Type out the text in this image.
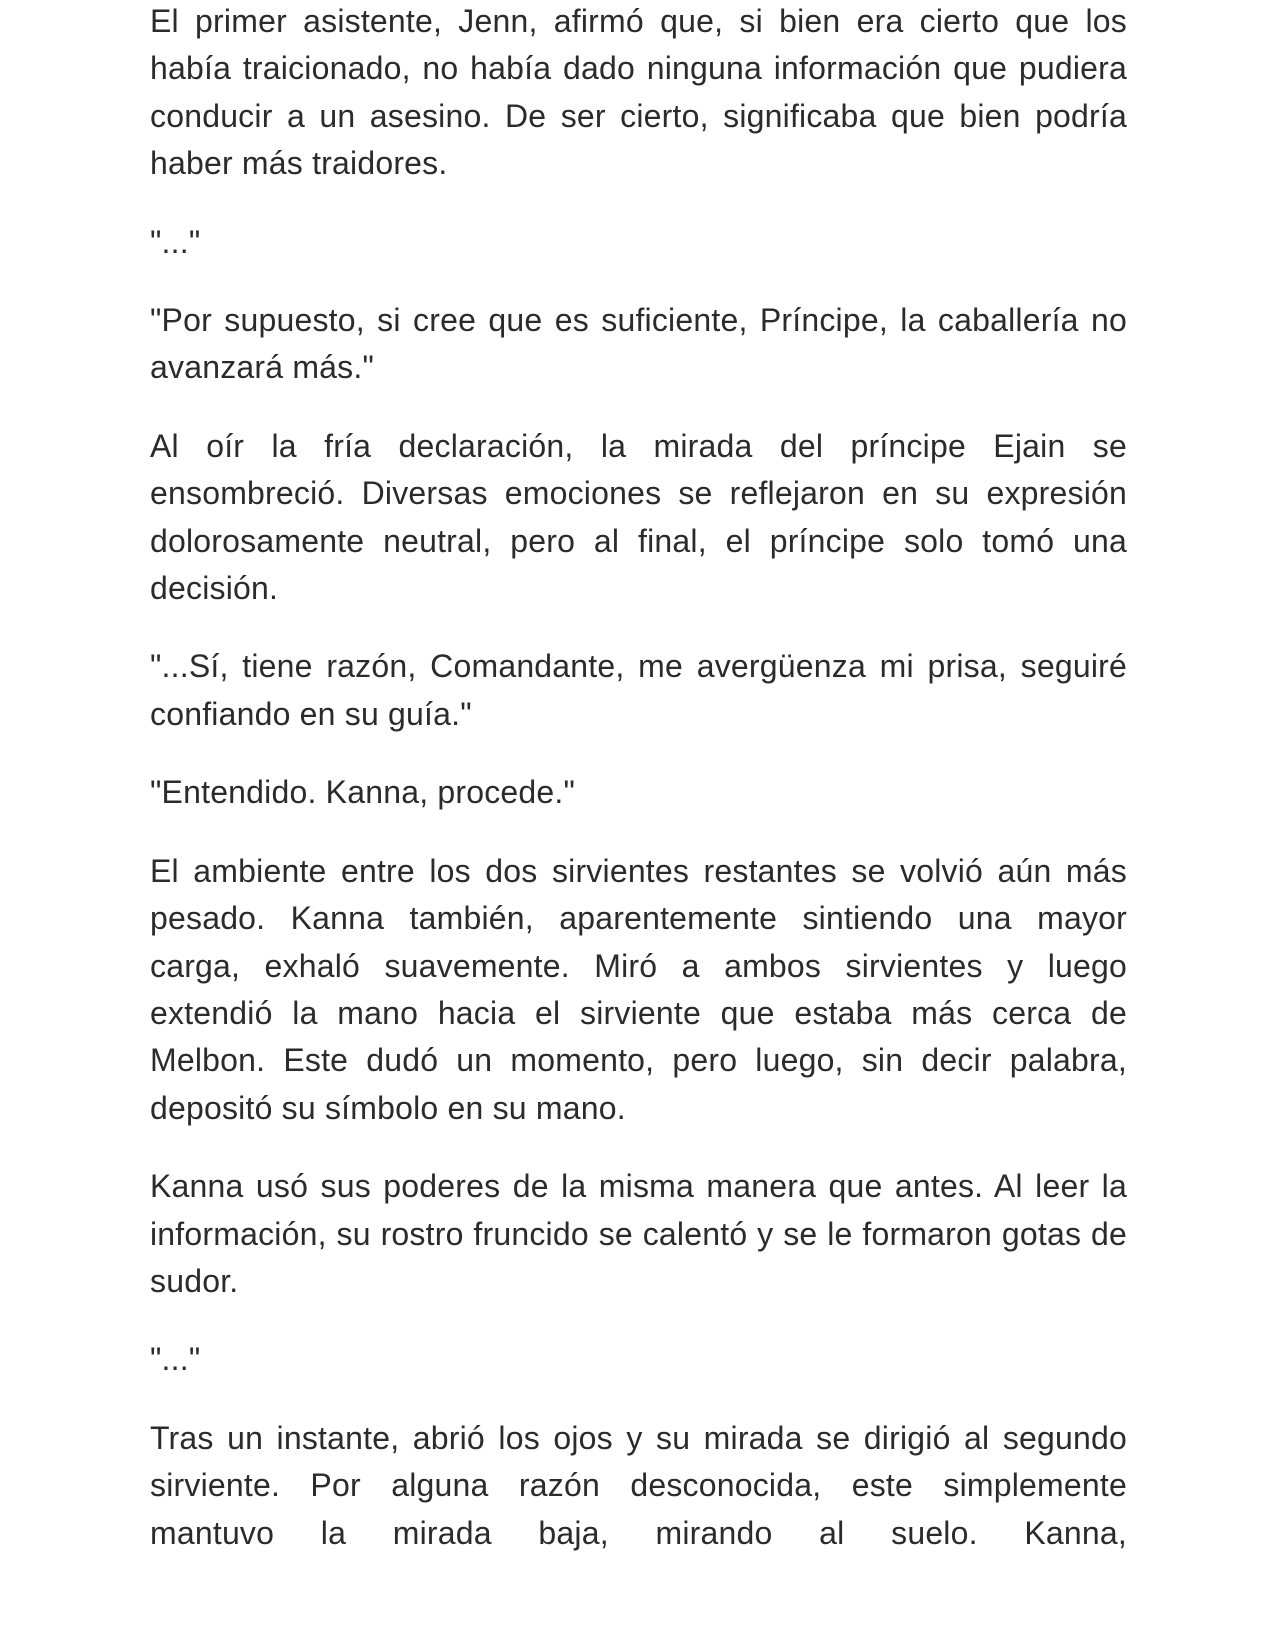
El primer asistente, Jenn, afirmó que, si bien era cierto que los había traicionado, no había dado ninguna información que pudiera conducir a un asesino. De ser cierto, significaba que bien podría haber más traidores.

"..."

"Por supuesto, si cree que es suficiente, Príncipe, la caballería no avanzará más."

Al oír la fría declaración, la mirada del príncipe Ejain se ensombreció. Diversas emociones se reflejaron en su expresión dolorosamente neutral, pero al final, el príncipe solo tomó una decisión.

"...Sí, tiene razón, Comandante, me avergüenza mi prisa, seguiré confiando en su guía."

"Entendido. Kanna, procede."

El ambiente entre los dos sirvientes restantes se volvió aún más pesado. Kanna también, aparentemente sintiendo una mayor carga, exhaló suavemente. Miró a ambos sirvientes y luego extendió la mano hacia el sirviente que estaba más cerca de Melbon. Este dudó un momento, pero luego, sin decir palabra, depositó su símbolo en su mano.

Kanna usó sus poderes de la misma manera que antes. Al leer la información, su rostro fruncido se calentó y se le formaron gotas de sudor.

"..."

Tras un instante, abrió los ojos y su mirada se dirigió al segundo sirviente. Por alguna razón desconocida, este simplemente mantuvo la mirada baja, mirando al suelo. Kanna,
